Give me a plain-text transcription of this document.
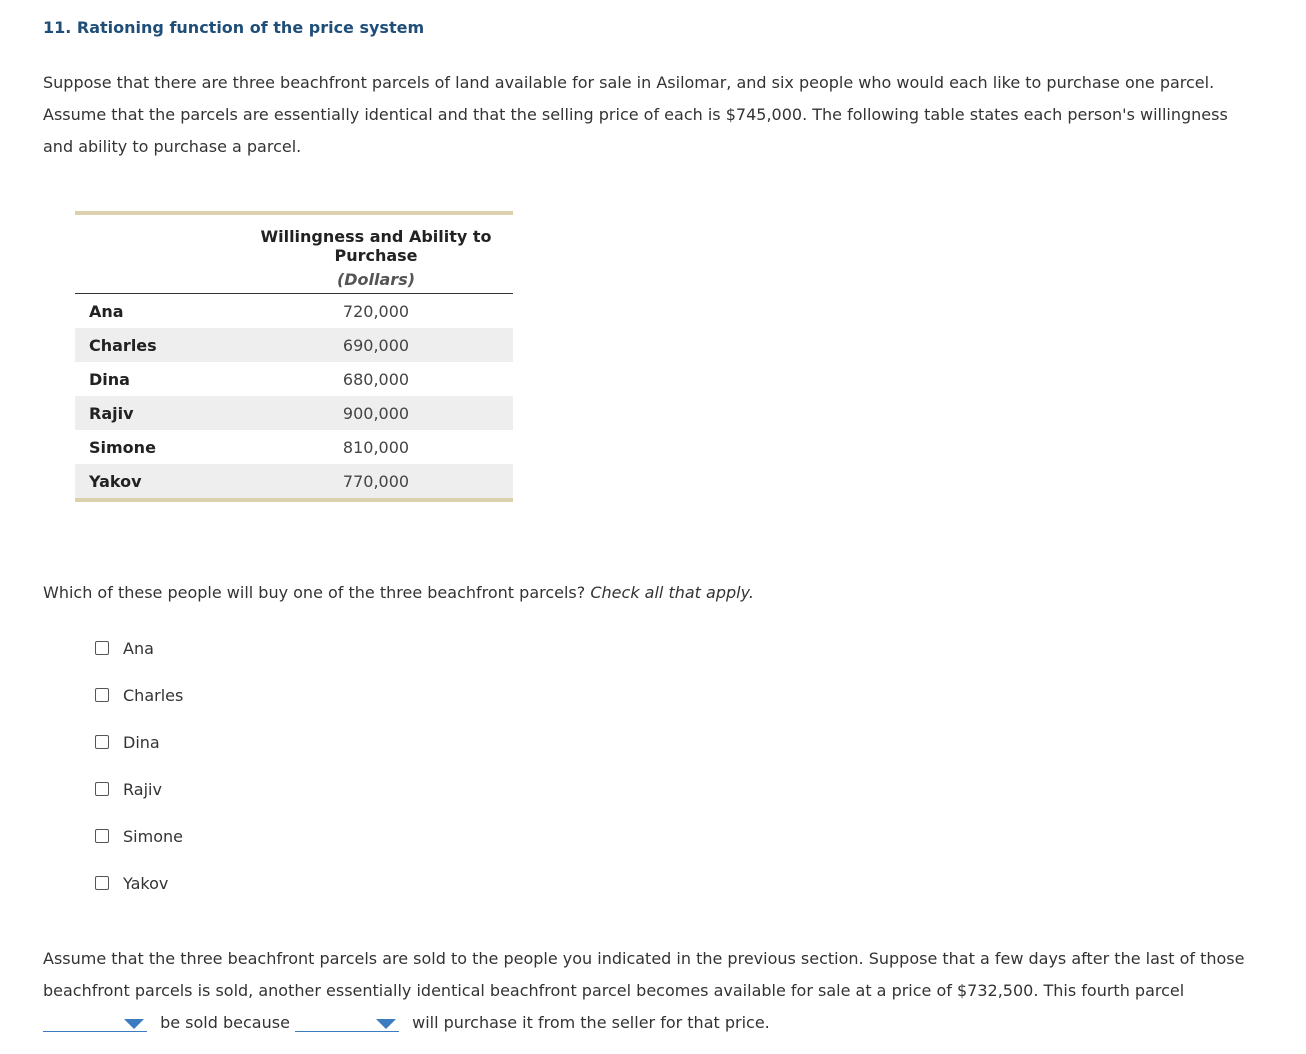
11. Rationing function of the price system
Suppose that there are three beachfront parcels of land available for sale in Asilomar, and six people who would each like to purchase one parcel. Assume that the parcels are essentially identical and that the selling price of each is $745,000. The following table states each person's willingness and ability to purchase a parcel.
	Willingness and Ability to Purchase
	(Dollars)
Ana	720,000
Charles	690,000
Dina	680,000
Rajiv	900,000
Simone	810,000
Yakov	770,000
Which of these people will buy one of the three beachfront parcels? Check all that apply.
Ana
Charles
Dina
Rajiv
Simone
Yakov
Assume that the three beachfront parcels are sold to the people you indicated in the previous section. Suppose that a few days after the last of those beachfront parcels is sold, another essentially identical beachfront parcel becomes available for sale at a price of $732,500. This fourth parcel

be sold because	will purchase it from the seller for that price.
